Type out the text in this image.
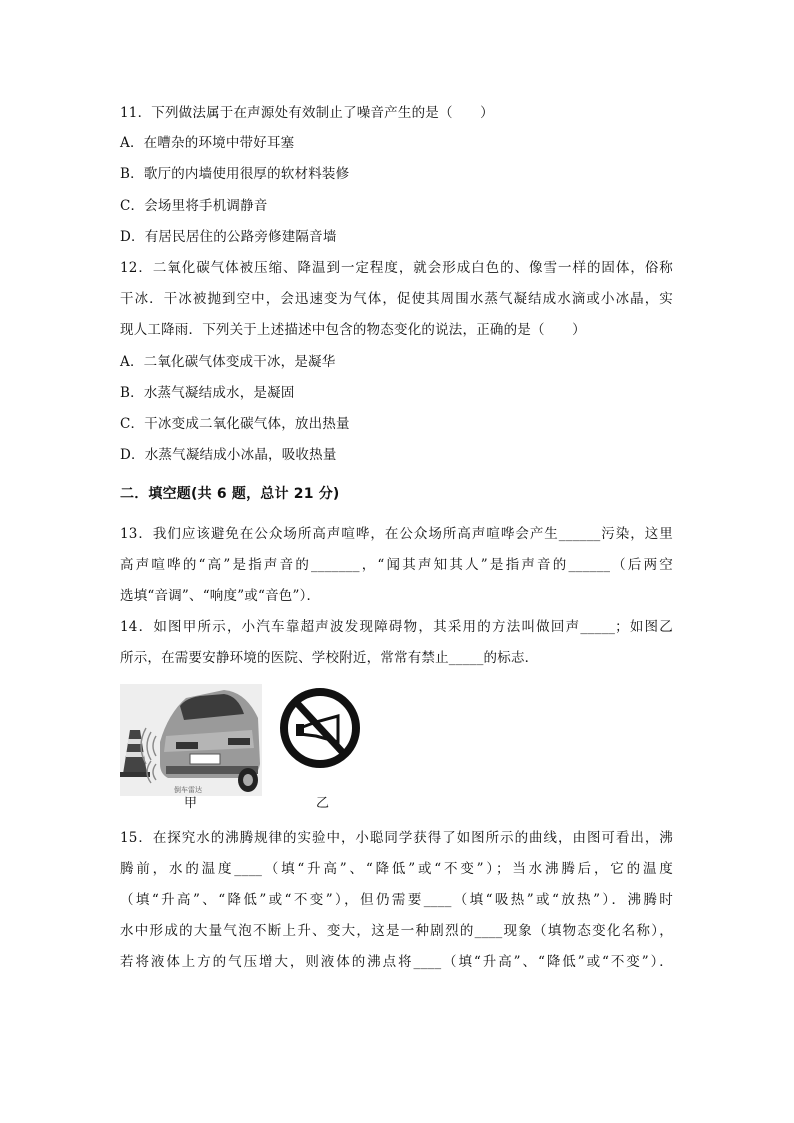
11．下列做法属于在声源处有效制止了噪音产生的是（　　）
A．在嘈杂的环境中带好耳塞
B．歌厅的内墙使用很厚的软材料装修
C．会场里将手机调静音
D．有居民居住的公路旁修建隔音墙
12．二氧化碳气体被压缩、降温到一定程度，就会形成白色的、像雪一样的固体，俗称
干冰．干冰被抛到空中，会迅速变为气体，促使其周围水蒸气凝结成水滴或小冰晶，实
现人工降雨．下列关于上述描述中包含的物态变化的说法，正确的是（　　）
A．二氧化碳气体变成干冰，是凝华
B．水蒸气凝结成水，是凝固
C．干冰变成二氧化碳气体，放出热量
D．水蒸气凝结成小冰晶，吸收热量
二．填空题(共 6 题，总计 21 分)
13．我们应该避免在公众场所高声喧哗，在公众场所高声喧哗会产生______污染，这里
高声喧哗的“高”是指声音的_______，“闻其声知其人”是指声音的______（后两空
选填“音调”、“响度”或“音色”）．
14．如图甲所示，小汽车靠超声波发现障碍物，其采用的方法叫做回声_____；如图乙
所示，在需要安静环境的医院、学校附近，常常有禁止_____的标志．
倒车雷达
甲	乙
15．在探究水的沸腾规律的实验中，小聪同学获得了如图所示的曲线，由图可看出，沸
腾前，水的温度____（填“升高”、“降低”或“不变”）；当水沸腾后，它的温度
（填“升高”、“降低”或“不变”），但仍需要____（填“吸热”或“放热”）．沸腾时
水中形成的大量气泡不断上升、变大，这是一种剧烈的____现象（填物态变化名称），
若将液体上方的气压增大，则液体的沸点将____（填“升高”、“降低”或“不变”）．
